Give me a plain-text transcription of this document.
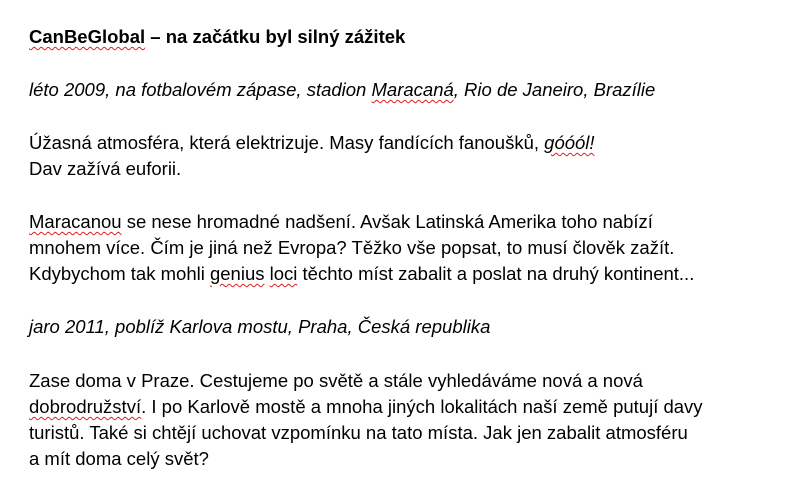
CanBeGlobal – na začátku byl silný zážitek
léto 2009, na fotbalovém zápase, stadion Maracaná, Rio de Janeiro, Brazílie
Úžasná atmosféra, která elektrizuje. Masy fandících fanoušků, góóól!
Dav zažívá euforii.
Maracanou se nese hromadné nadšení. Avšak Latinská Amerika toho nabízí
mnohem více. Čím je jiná než Evropa? Těžko vše popsat, to musí člověk zažít.
Kdybychom tak mohli genius loci těchto míst zabalit a poslat na druhý kontinent...
jaro 2011, poblíž Karlova mostu, Praha, Česká republika
Zase doma v Praze. Cestujeme po světě a stále vyhledáváme nová a nová
dobrodružství. I po Karlově mostě a mnoha jiných lokalitách naší země putují davy
turistů. Také si chtějí uchovat vzpomínku na tato místa. Jak jen zabalit atmosféru
a mít doma celý svět?
